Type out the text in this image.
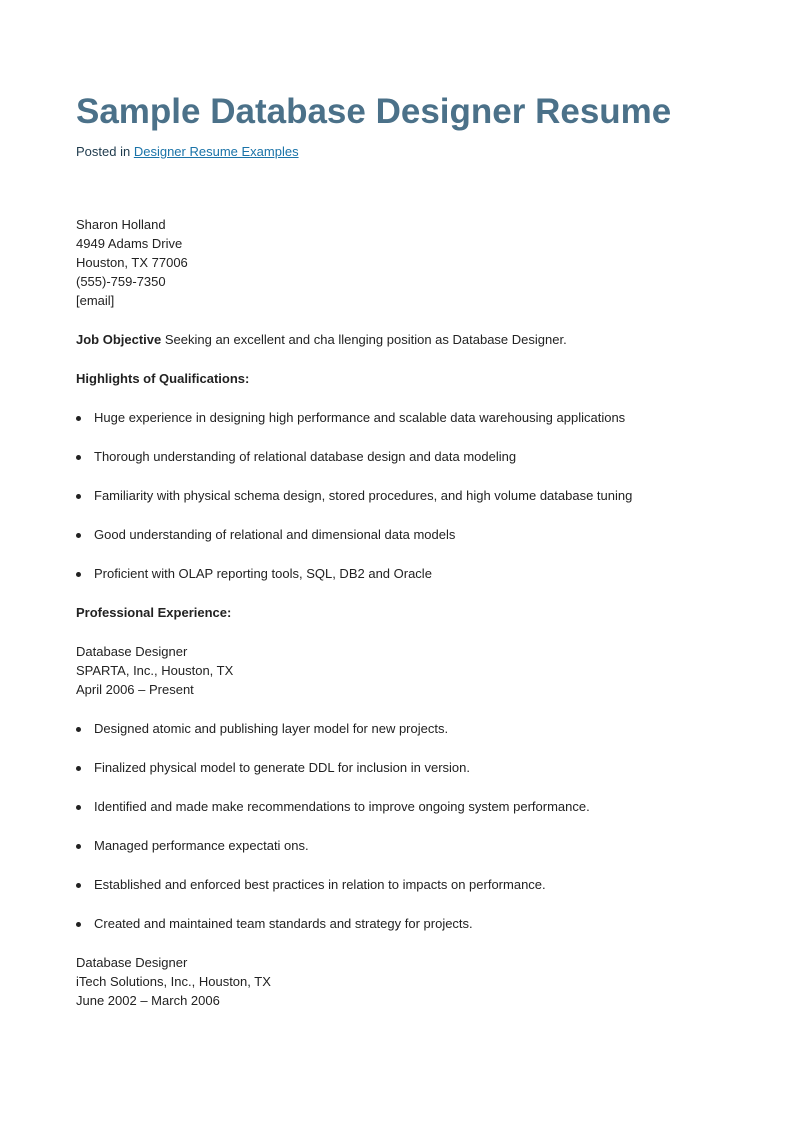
Sample Database Designer Resume
Posted in Designer Resume Examples
Sharon Holland
4949 Adams Drive
Houston, TX 77006
(555)-759-7350
[email]
Job Objective Seeking an excellent and cha llenging position as Database Designer.
Highlights of Qualifications:
Huge experience in designing high performance and scalable data warehousing applications
Thorough understanding of relational database design and data modeling
Familiarity with physical schema design, stored procedures, and high volume database tuning
Good understanding of relational and dimensional data models
Proficient with OLAP reporting tools, SQL, DB2 and Oracle
Professional Experience:
Database Designer
SPARTA, Inc., Houston, TX
April 2006 – Present
Designed atomic and publishing layer model for new projects.
Finalized physical model to generate DDL for inclusion in version.
Identified and made make recommendations to improve ongoing system performance.
Managed performance expectati ons.
Established and enforced best practices in relation to impacts on performance.
Created and maintained team standards and strategy for projects.
Database Designer
iTech Solutions, Inc., Houston, TX
June 2002 – March 2006
